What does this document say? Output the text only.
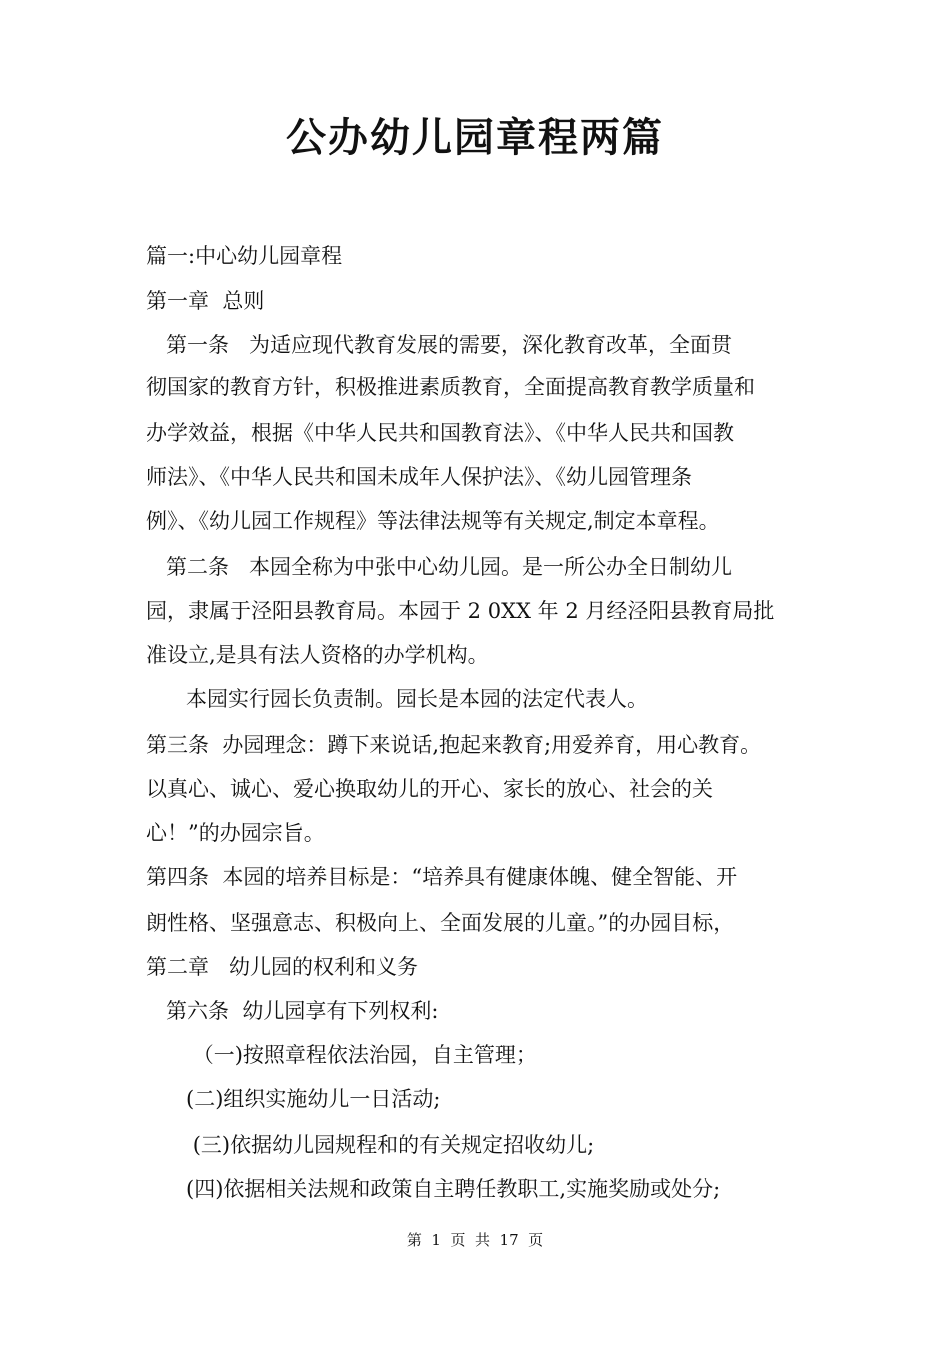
公办幼儿园章程两篇
篇一:中心幼儿园章程
第一章  总则
第一条   为适应现代教育发展的需要，深化教育改革，全面贯
彻国家的教育方针，积极推进素质教育，全面提高教育教学质量和
办学效益，根据《中华人民共和国教育法》、《中华人民共和国教
师法》、《中华人民共和国未成年人保护法》、《幼儿园管理条
例》、《幼儿园工作规程》等法律法规等有关规定,制定本章程。
第二条   本园全称为中张中心幼儿园。是一所公办全日制幼儿
园，隶属于泾阳县教育局。本园于 2 0XX 年 2 月经泾阳县教育局批
准设立,是具有法人资格的办学机构。
本园实行园长负责制。园长是本园的法定代表人。
第三条  办园理念：蹲下来说话,抱起来教育;用爱养育，用心教育。
以真心、诚心、爱心换取幼儿的开心、家长的放心、社会的关
心！”的办园宗旨。
第四条  本园的培养目标是：“培养具有健康体魄、健全智能、开
朗性格、坚强意志、积极向上、全面发展的儿童。”的办园目标，
第二章   幼儿园的权利和义务
第六条  幼儿园享有下列权利:
（一)按照章程依法治园，自主管理；
(二)组织实施幼儿一日活动;
(三)依据幼儿园规程和的有关规定招收幼儿;
(四)依据相关法规和政策自主聘任教职工,实施奖励或处分;
第  1  页  共  17  页
